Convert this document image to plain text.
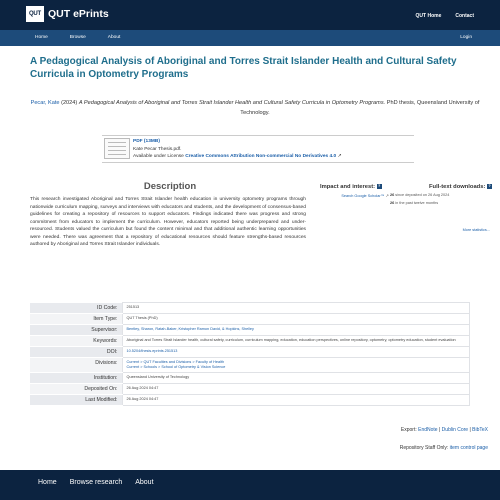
QUT QUT ePrints	QUT Home	Contact
Home	Browse	About	Login
A Pedagogical Analysis of Aboriginal and Torres Strait Islander Health and Cultural Safety Curricula in Optometry Programs
Pecar, Kate (2024) A Pedagogical Analysis of Aboriginal and Torres Strait Islander Health and Cultural Safety Curricula in Optometry Programs. PhD thesis, Queensland University of Technology.
PDF (13MB)
Kate Pecar Thesis.pdf.
Available under License Creative Commons Attribution Non-commercial No Derivatives 4.0 ↗
Description

This research investigated Aboriginal and Torres Strait Islander health education in university optometry programs through nationwide curriculum mapping, surveys and interviews with educators and students, and the development of consensus-based guidelines for creating a repository of resources to support educators. Findings indicated there was progress and strong commitment from educators to implement the curriculum. However, educators reported being underprepared and under-resourced. Students valued the curriculum but found the content minimal and that additional authentic learning opportunities were needed. There was agreement that a repository of educational resources should feature strengths-based resources authored by Aboriginal and Torres Strait Islander individuals.

Impact and interest: ?
Search Google Scholar™ ↗
Full-text downloads: ?
26 since deposited on 26 Aug 2024
26 in the past twelve months
More statistics...
ID Code:	251513
Item Type:	QUT Thesis (PhD)
Supervisor:	Bentley, Sharon, Ratah-Baker, Kristopher Ramon David, & Hopkins, Shelley
Keywords:	Aboriginal and Torres Strait Islander health, cultural safety, curriculum, curriculum mapping, education, education perspectives, online repository, optometry, optometry education, student evaluation
DOI:	10.5204/thesis.eprints.251513
Divisions:	Current > QUT Faculties and Divisions > Faculty of Health
Current > Schools > School of Optometry & Vision Science
Institution:	Queensland University of Technology
Deposited On:	26 Aug 2024 04:47
Last Modified:	26 Aug 2024 04:47
Export: EndNote | Dublin Core | BibTeX
Repository Staff Only: item control page
Home Browse research About
